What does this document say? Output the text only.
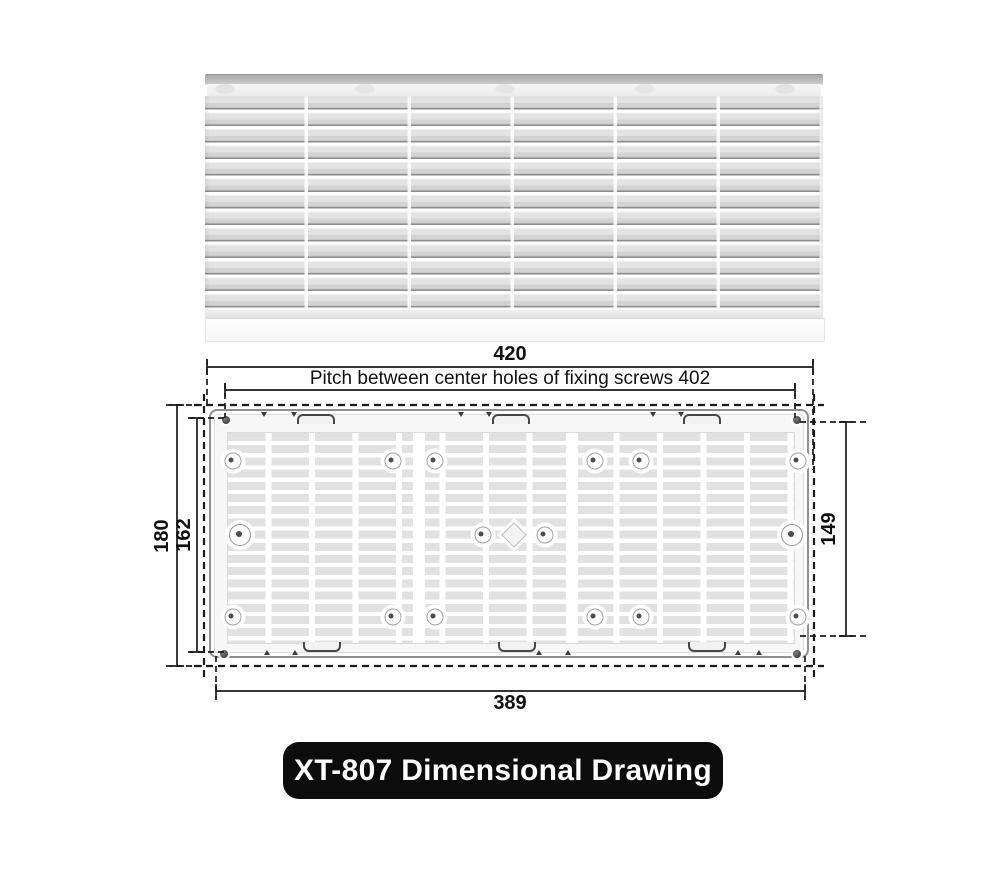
420
Pitch between center holes of fixing screws 402
180 162	149
389
XT-807 Dimensional Drawing
